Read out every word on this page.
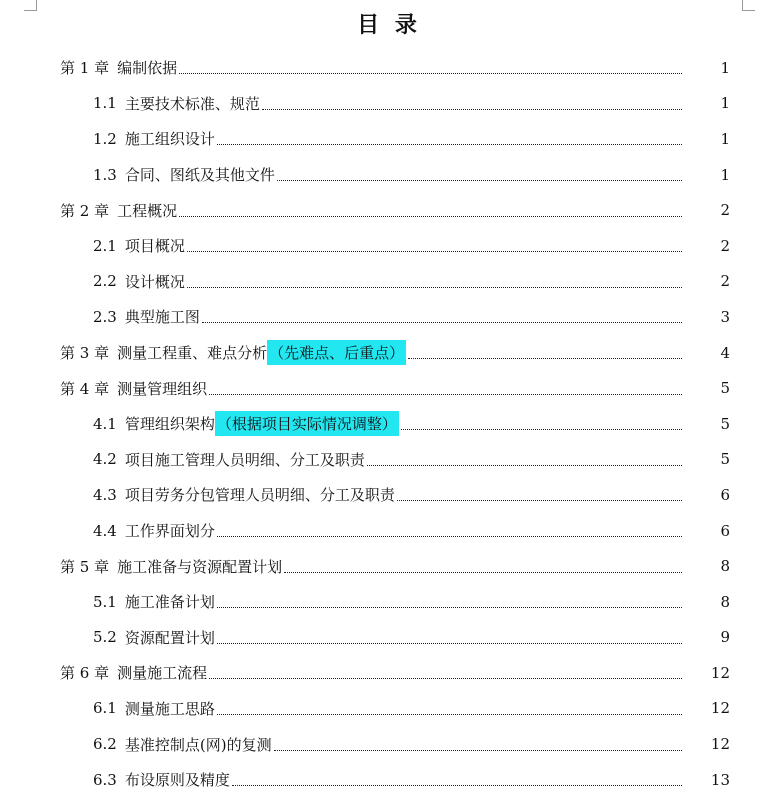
目 录
第 1 章 编制依据	1
1.1 主要技术标准、规范	1
1.2 施工组织设计	1
1.3 合同、图纸及其他文件	1
第 2 章 工程概况	2
2.1 项目概况	2
2.2 设计概况	2
2.3 典型施工图	3
第 3 章 测量工程重、难点分析 （先难点、后重点）	4
第 4 章 测量管理组织	5
4.1 管理组织架构 （根据项目实际情况调整）	5
4.2 项目施工管理人员明细、分工及职责	5
4.3 项目劳务分包管理人员明细、分工及职责	6
4.4 工作界面划分	6
第 5 章 施工准备与资源配置计划	8
5.1 施工准备计划	8
5.2 资源配置计划	9
第 6 章 测量施工流程	12
6.1 测量施工思路	12
6.2 基准控制点(网)的复测	12
6.3 布设原则及精度	13
